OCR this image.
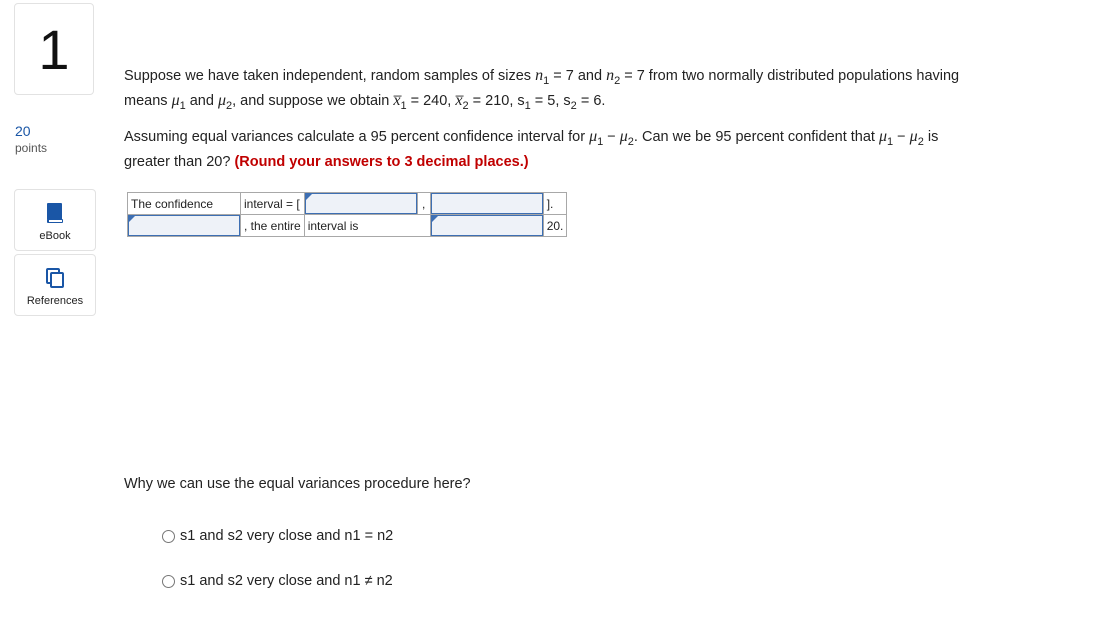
1
20
points
eBook
References
Suppose we have taken independent, random samples of sizes $n_1 = 7$ and $n_2 = 7$ from two normally distributed populations having
means $\mu_1$ and $\mu_2$, and suppose we obtain $x̅_1 = 240$, $x̅_2 = 210$, $s_1 = 5$, $s_2 = 6$.
Assuming equal variances calculate a 95 percent confidence interval for $\mu_1 - \mu_2$. Can we be 95 percent confident that $\mu_1 - \mu_2$ is
greater than 20? (Round your answers to 3 decimal places.)
The confidence	interval = [		,		].

	, the entire	interval is			20.
Why we can use the equal variances procedure here?
s1 and s2 very close and n1 = n2
s1 and s2 very close and n1 ≠ n2
